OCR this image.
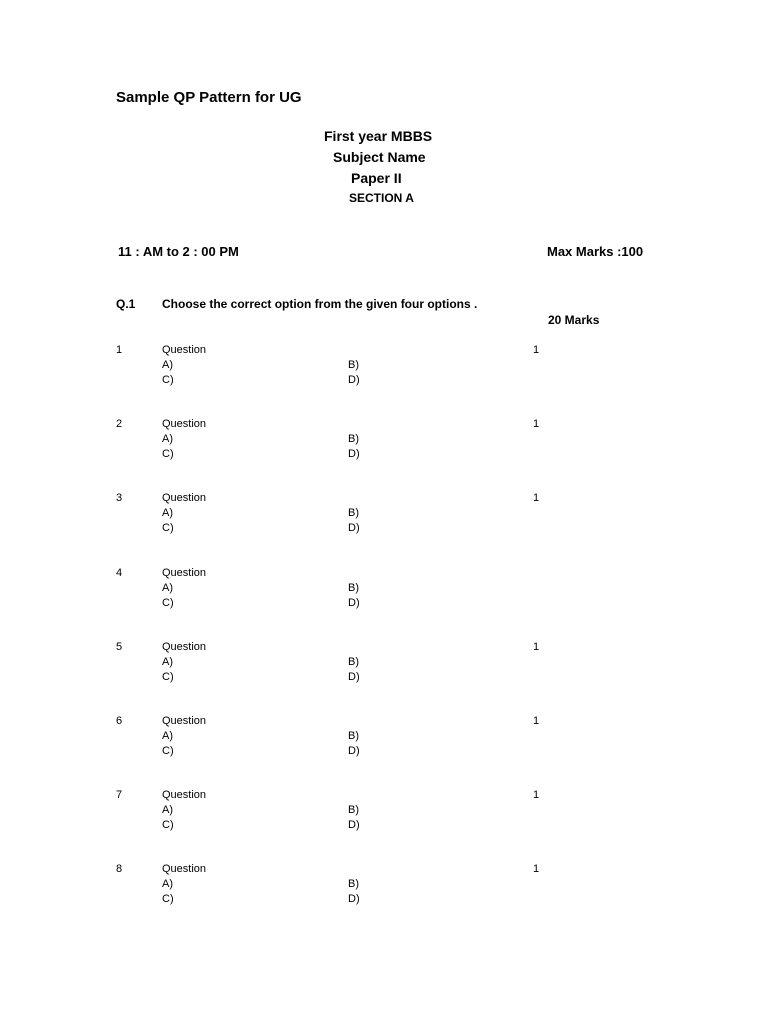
Sample QP Pattern for UG
First year MBBS
Subject Name
Paper II
SECTION A
11 : AM to 2 : 00 PM	Max Marks :100
Q.1 Choose the correct option from the given four options .
20 Marks
1	Question	1
A)	B)
C)	D)
2	Question	1
A)	B)
C)	D)
3	Question	1
A)	B)
C)	D)
4	Question
A)	B)
C)	D)
5	Question	1
A)	B)
C)	D)
6	Question	1
A)	B)
C)	D)
7	Question	1
A)	B)
C)	D)
8	Question	1
A)	B)
C)	D)
